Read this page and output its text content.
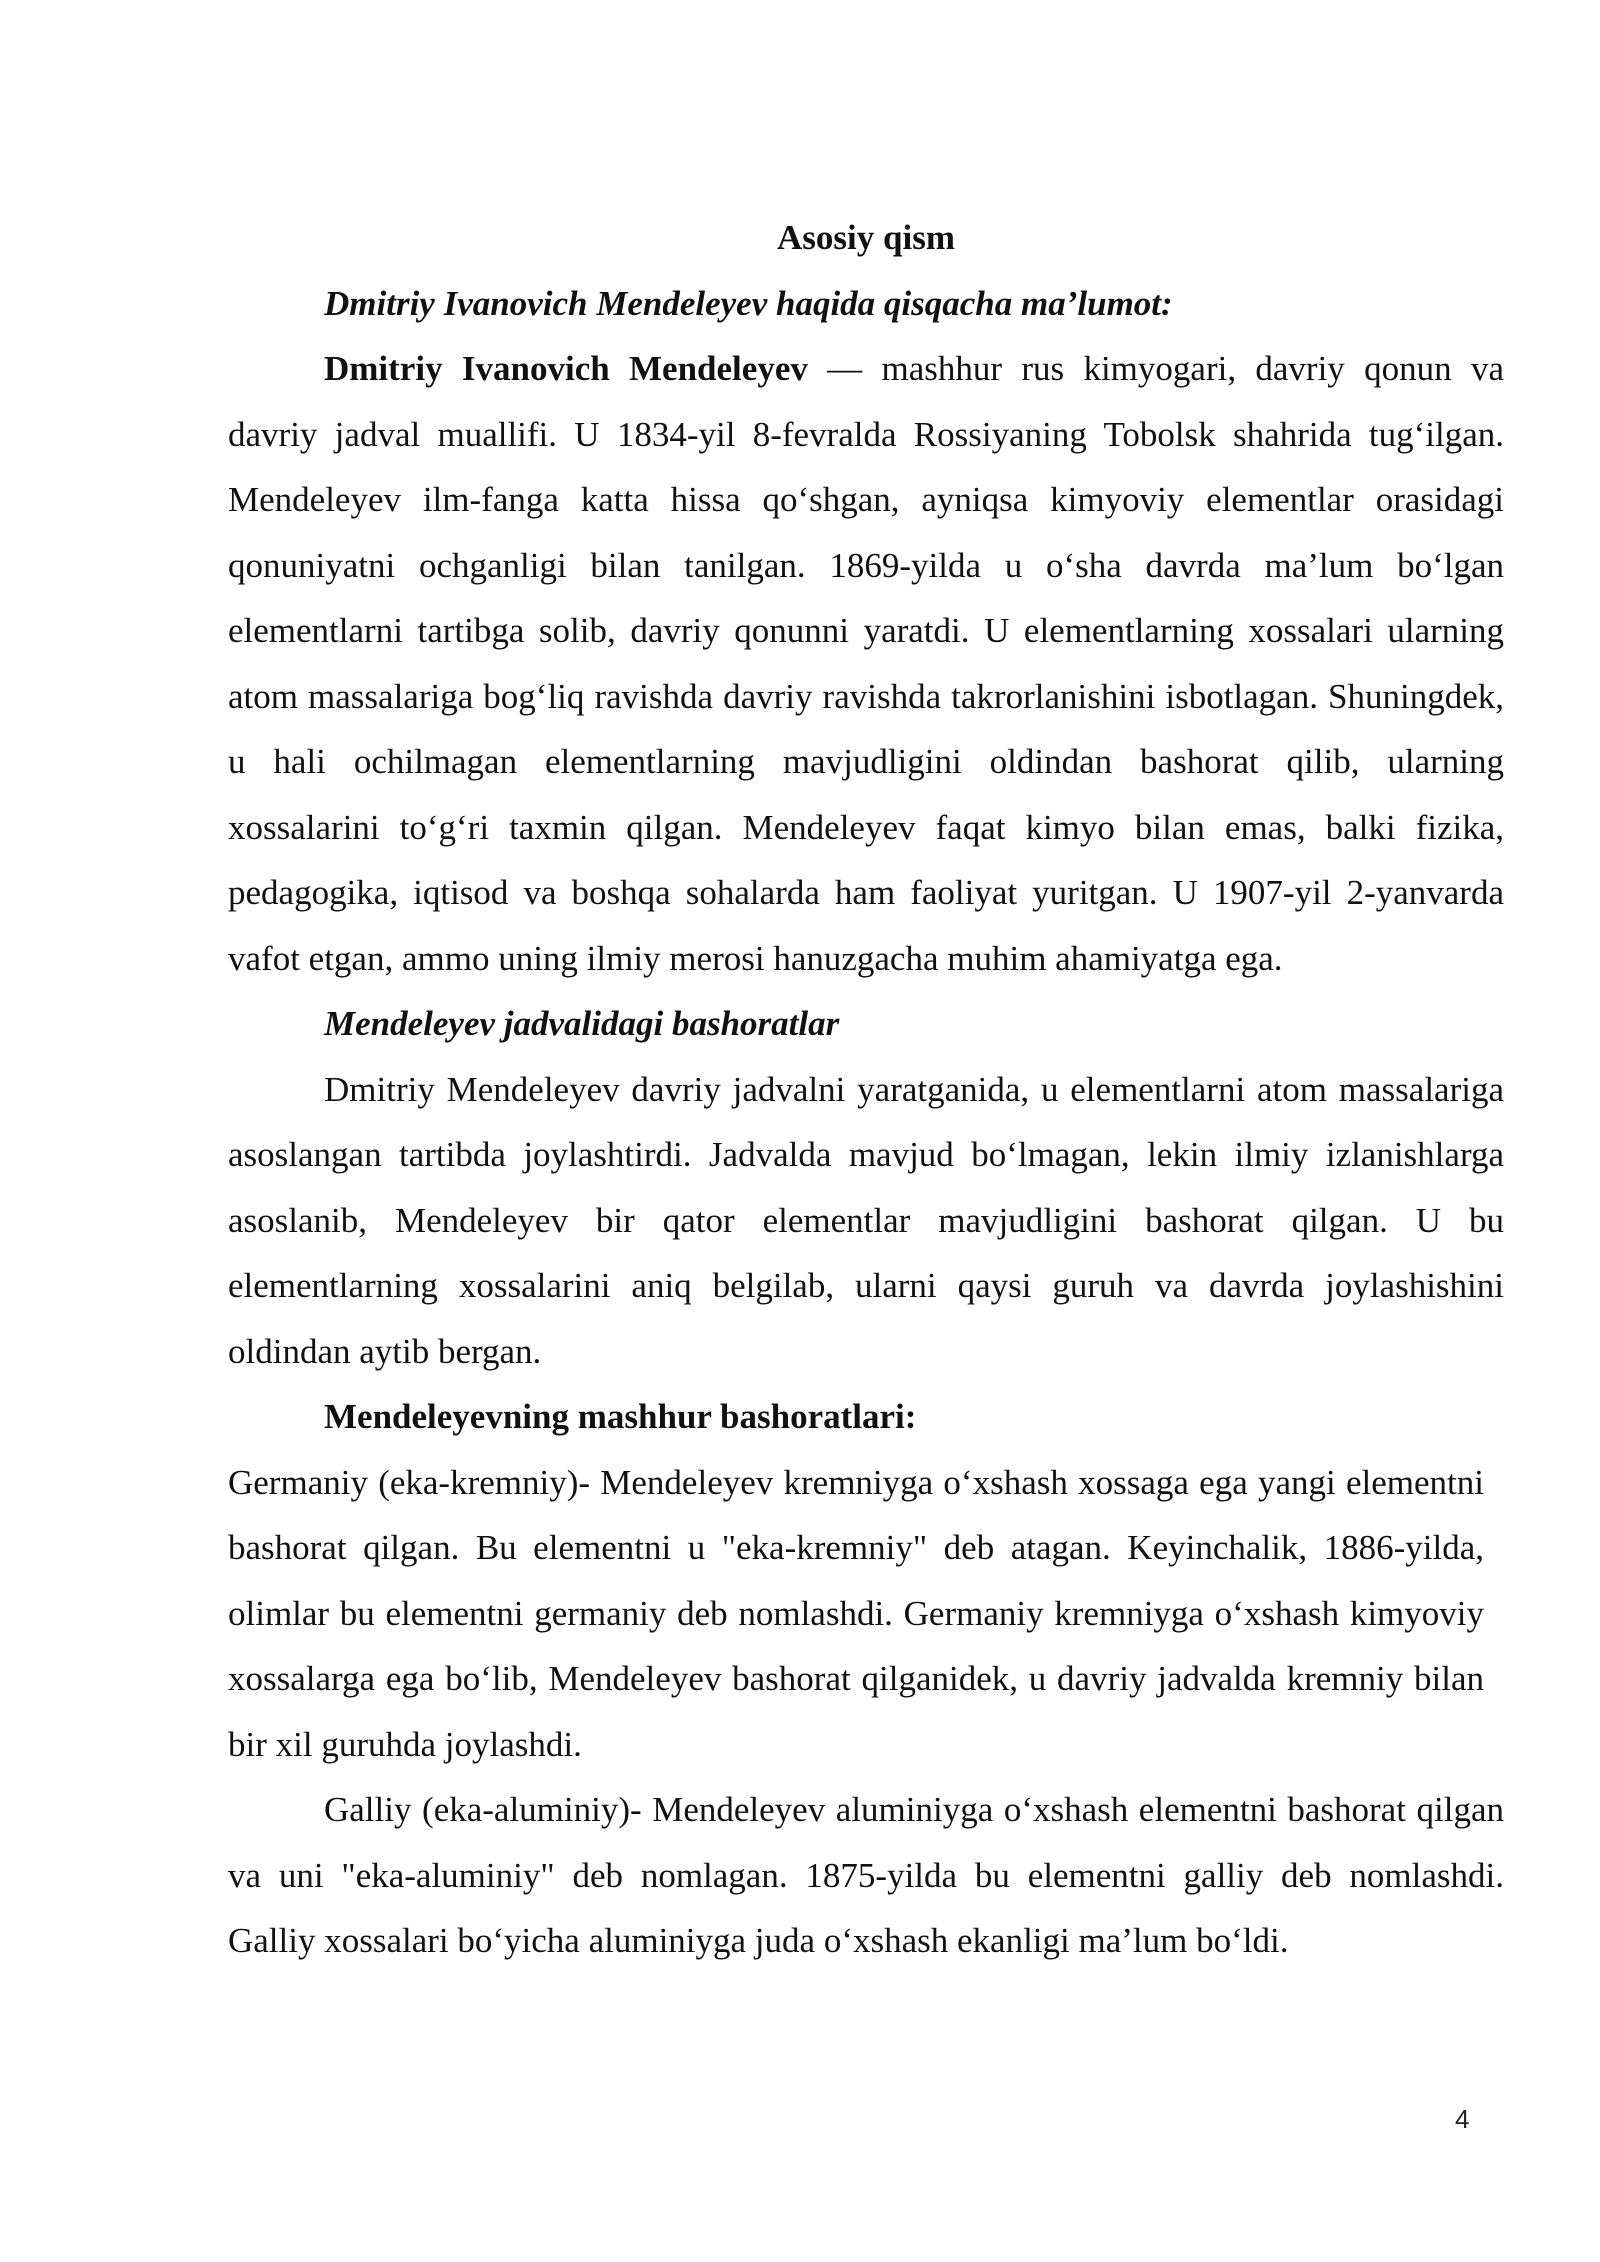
Asosiy qism
Dmitriy Ivanovich Mendeleyev haqida qisqacha ma’lumot:

Dmitriy Ivanovich Mendeleyev — mashhur rus kimyogari, davriy qonun va davriy jadval muallifi. U 1834-yil 8-fevralda Rossiyaning Tobolsk shahrida tug‘ilgan. Mendeleyev ilm-fanga katta hissa qo‘shgan, ayniqsa kimyoviy elementlar orasidagi qonuniyatni ochganligi bilan tanilgan. 1869-yilda u o‘sha davrda ma’lum bo‘lgan elementlarni tartibga solib, davriy qonunni yaratdi. U elementlarning xossalari ularning atom massalariga bog‘liq ravishda davriy ravishda takrorlanishini isbotlagan. Shuningdek, u hali ochilmagan elementlarning mavjudligini oldindan bashorat qilib, ularning xossalarini to‘g‘ri taxmin qilgan. Mendeleyev faqat kimyo bilan emas, balki fizika, pedagogika, iqtisod va boshqa sohalarda ham faoliyat yuritgan. U 1907-yil 2-yanvarda vafot etgan, ammo uning ilmiy merosi hanuzgacha muhim ahamiyatga ega.

Mendeleyev jadvalidagi bashoratlar

Dmitriy Mendeleyev davriy jadvalni yaratganida, u elementlarni atom massalariga asoslangan tartibda joylashtirdi. Jadvalda mavjud bo‘lmagan, lekin ilmiy izlanishlarga asoslanib, Mendeleyev bir qator elementlar mavjudligini bashorat qilgan. U bu elementlarning xossalarini aniq belgilab, ularni qaysi guruh va davrda joylashishini oldindan aytib bergan.

Mendeleyevning mashhur bashoratlari:

Germaniy (eka-kremniy)- Mendeleyev kremniyga o‘xshash xossaga ega yangi elementni bashorat qilgan. Bu elementni u "eka-kremniy" deb atagan. Keyinchalik, 1886-yilda, olimlar bu elementni germaniy deb nomlashdi. Germaniy kremniyga o‘xshash kimyoviy xossalarga ega bo‘lib, Mendeleyev bashorat qilganidek, u davriy jadvalda kremniy bilan bir xil guruhda joylashdi.

Galliy (eka-aluminiy)- Mendeleyev aluminiyga o‘xshash elementni bashorat qilgan va uni "eka-aluminiy" deb nomlagan. 1875-yilda bu elementni galliy deb nomlashdi. Galliy xossalari bo‘yicha aluminiyga juda o‘xshash ekanligi ma’lum bo‘ldi.

4
